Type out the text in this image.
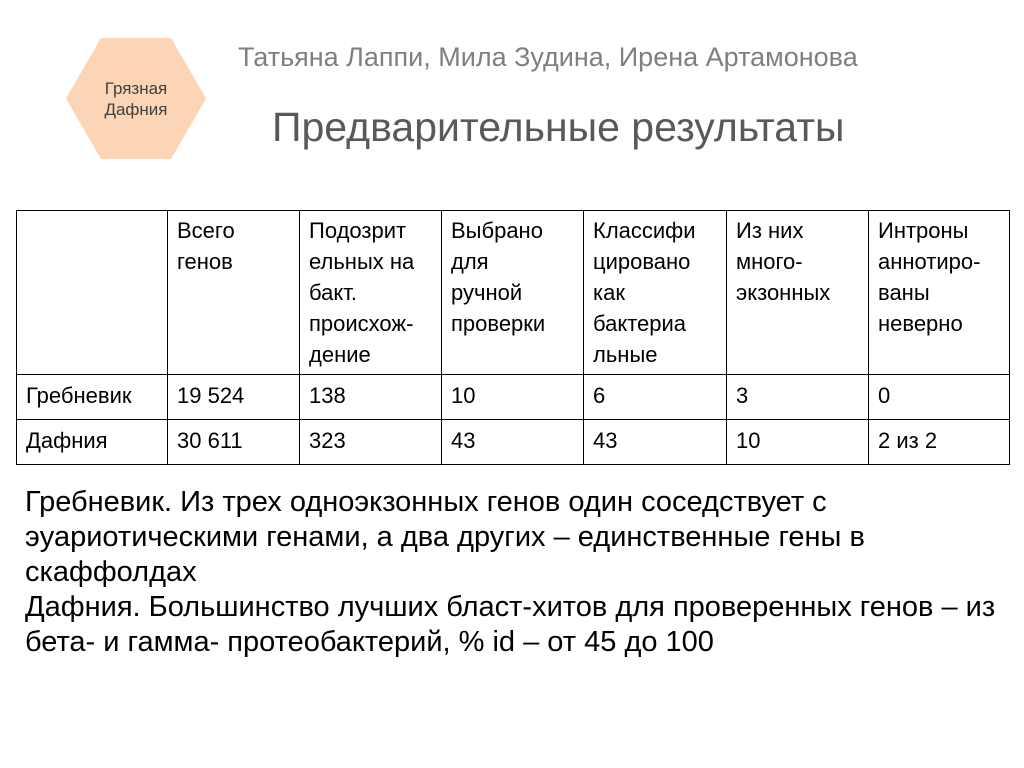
Грязная
Дафния
Татьяна Лаппи, Мила Зудина, Ирена Артамонова
Предварительные результаты
	Всего
генов	Подозрит
ельных на
бакт.
происхож-
дение	Выбрано
для
ручной
проверки	Классифи
цировано
как
бактериа
льные	Из них
много-
экзонных	Интроны
аннотиро-
ваны
неверно
Гребневик	19 524	138	10	6	3	0
Дафния	30 611	323	43	43	10	2 из 2

Гребневик. Из трех одноэкзонных генов один соседствует с эуариотическими генами, а два других – единственные гены в скаффолдах

Дафния. Большинство лучших бласт-хитов для проверенных генов – из бета- и гамма- протеобактерий, % id – от 45 до 100
